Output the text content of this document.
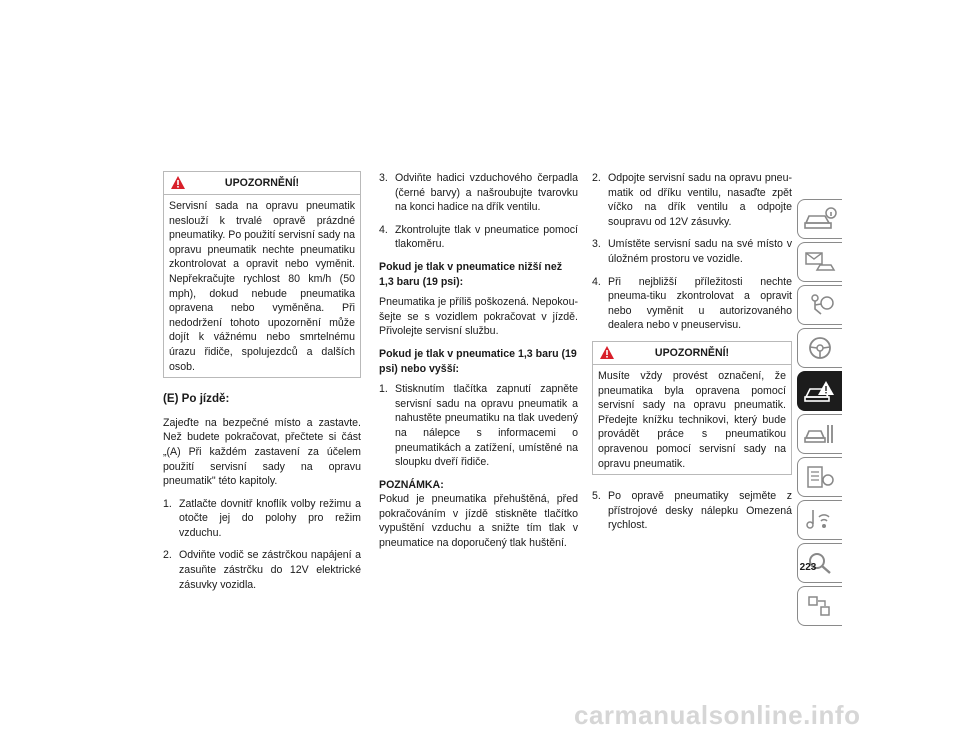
UPOZORNĚNÍ!
Servisní sada na opravu pneumatik neslouží k trvalé opravě prázdné pneumatiky. Po použití servisní sady na opravu pneumatik nechte pneumatiku zkontrolovat a opravit nebo vyměnit. Nepřekračujte rychlost 80 km/h (50 mph), dokud nebude pneumatika opravena nebo vyměněna. Při nedodržení tohoto upozornění může dojít k vážnému nebo smrtelnému úrazu řidiče, spolujezdců a dalších osob.
(E) Po jízdě:

Zajeďte na bezpečné místo a zastavte. Než budete pokračovat, přečtete si část „(A) Při každém zastavení za účelem použití servisní sady na opravu pneumatik" této kapitoly.

1. Zatlačte dovnitř knoflík volby režimu a otočte jej do polohy pro režim vzduchu.
2. Odviňte vodič se zástrčkou napájení a zasuňte zástrčku do 12V elektrické zásuvky vozidla.
3. Odviňte hadici vzduchového čerpadla (černé barvy) a našroubujte tvarovku na konci hadice na dřík ventilu.
4. Zkontrolujte tlak v pneumatice pomocí tlakoměru.
Pokud je tlak v pneumatice nižší než 1,3 baru (19 psi):

Pneumatika je příliš poškozená. Nepokou-šejte se s vozidlem pokračovat v jízdě. Přivolejte servisní službu.

Pokud je tlak v pneumatice 1,3 baru (19 psi) nebo vyšší:
1. Stisknutím tlačítka zapnutí zapněte servisní sadu na opravu pneumatik a nahustěte pneumatiku na tlak uvedený na nálepce s informacemi o pneumatikách a zatížení, umístěné na sloupku dveří řidiče.

POZNÁMKA:
Pokud je pneumatika přehuštěná, před pokračováním v jízdě stiskněte tlačítko vypuštění vzduchu a snižte tím tlak v pneumatice na doporučený tlak huštění.

2. Odpojte servisní sadu na opravu pneu-matik od dříku ventilu, nasaďte zpět víčko na dřík ventilu a odpojte soupravu od 12V zásuvky.
3. Umístěte servisní sadu na své místo v úložném prostoru ve vozidle.
4. Při nejbližší příležitosti nechte pneuma-tiku zkontrolovat a opravit nebo vyměnit u autorizovaného dealera nebo v pneuservisu.
UPOZORNĚNÍ!
Musíte vždy provést označení, že pneumatika byla opravena pomocí servisní sady na opravu pneumatik. Předejte knížku technikovi, který bude provádět práce s pneumatikou opravenou pomocí servisní sady na opravu pneumatik.
5. Po opravě pneumatiky sejměte z přístrojové desky nálepku Omezená rychlost.
223
carmanualsonline.info
